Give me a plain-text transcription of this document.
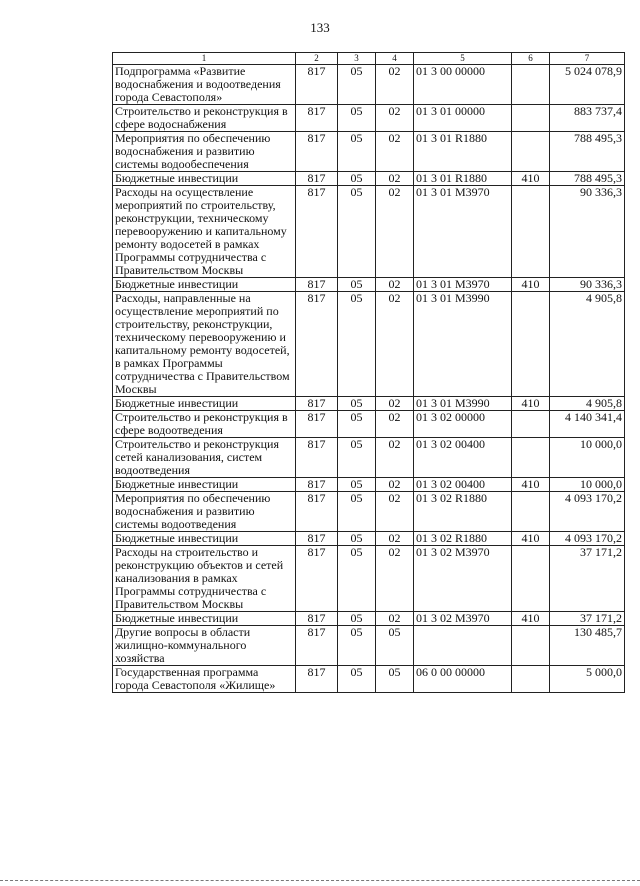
133
1	2	3	4	5	6	7
Подпрограмма «Развитие водоснабжения и водоотведения города Севастополя»	817	05	02	01 3 00 00000		5 024 078,9
Строительство и реконструкция в сфере водоснабжения	817	05	02	01 3 01 00000		883 737,4
Мероприятия по обеспечению водоснабжения и развитию системы водообеспечения	817	05	02	01 3 01 R1880		788 495,3
Бюджетные инвестиции	817	05	02	01 3 01 R1880	410	788 495,3
Расходы на осуществление мероприятий по строительству, реконструкции, техническому перевооружению и капитальному ремонту водосетей в рамках Программы сотрудничества с Правительством Москвы	817	05	02	01 3 01 M3970		90 336,3
Бюджетные инвестиции	817	05	02	01 3 01 M3970	410	90 336,3
Расходы, направленные на осуществление мероприятий по строительству, реконструкции, техническому перевооружению и капитальному ремонту водосетей, в рамках Программы сотрудничества с Правительством Москвы	817	05	02	01 3 01 M3990		4 905,8
Бюджетные инвестиции	817	05	02	01 3 01 M3990	410	4 905,8
Строительство и реконструкция в сфере водоотведения	817	05	02	01 3 02 00000		4 140 341,4
Строительство и реконструкция сетей канализования, систем водоотведения	817	05	02	01 3 02 00400		10 000,0
Бюджетные инвестиции	817	05	02	01 3 02 00400	410	10 000,0
Мероприятия по обеспечению водоснабжения и развитию системы водоотведения	817	05	02	01 3 02 R1880		4 093 170,2
Бюджетные инвестиции	817	05	02	01 3 02 R1880	410	4 093 170,2
Расходы на строительство и реконструкцию объектов и сетей канализования в рамках Программы сотрудничества с Правительством Москвы	817	05	02	01 3 02 M3970		37 171,2
Бюджетные инвестиции	817	05	02	01 3 02 M3970	410	37 171,2
Другие вопросы в области жилищно-коммунального хозяйства	817	05	05			130 485,7
Государственная программа города Севастополя «Жилище»	817	05	05	06 0 00 00000		5 000,0
